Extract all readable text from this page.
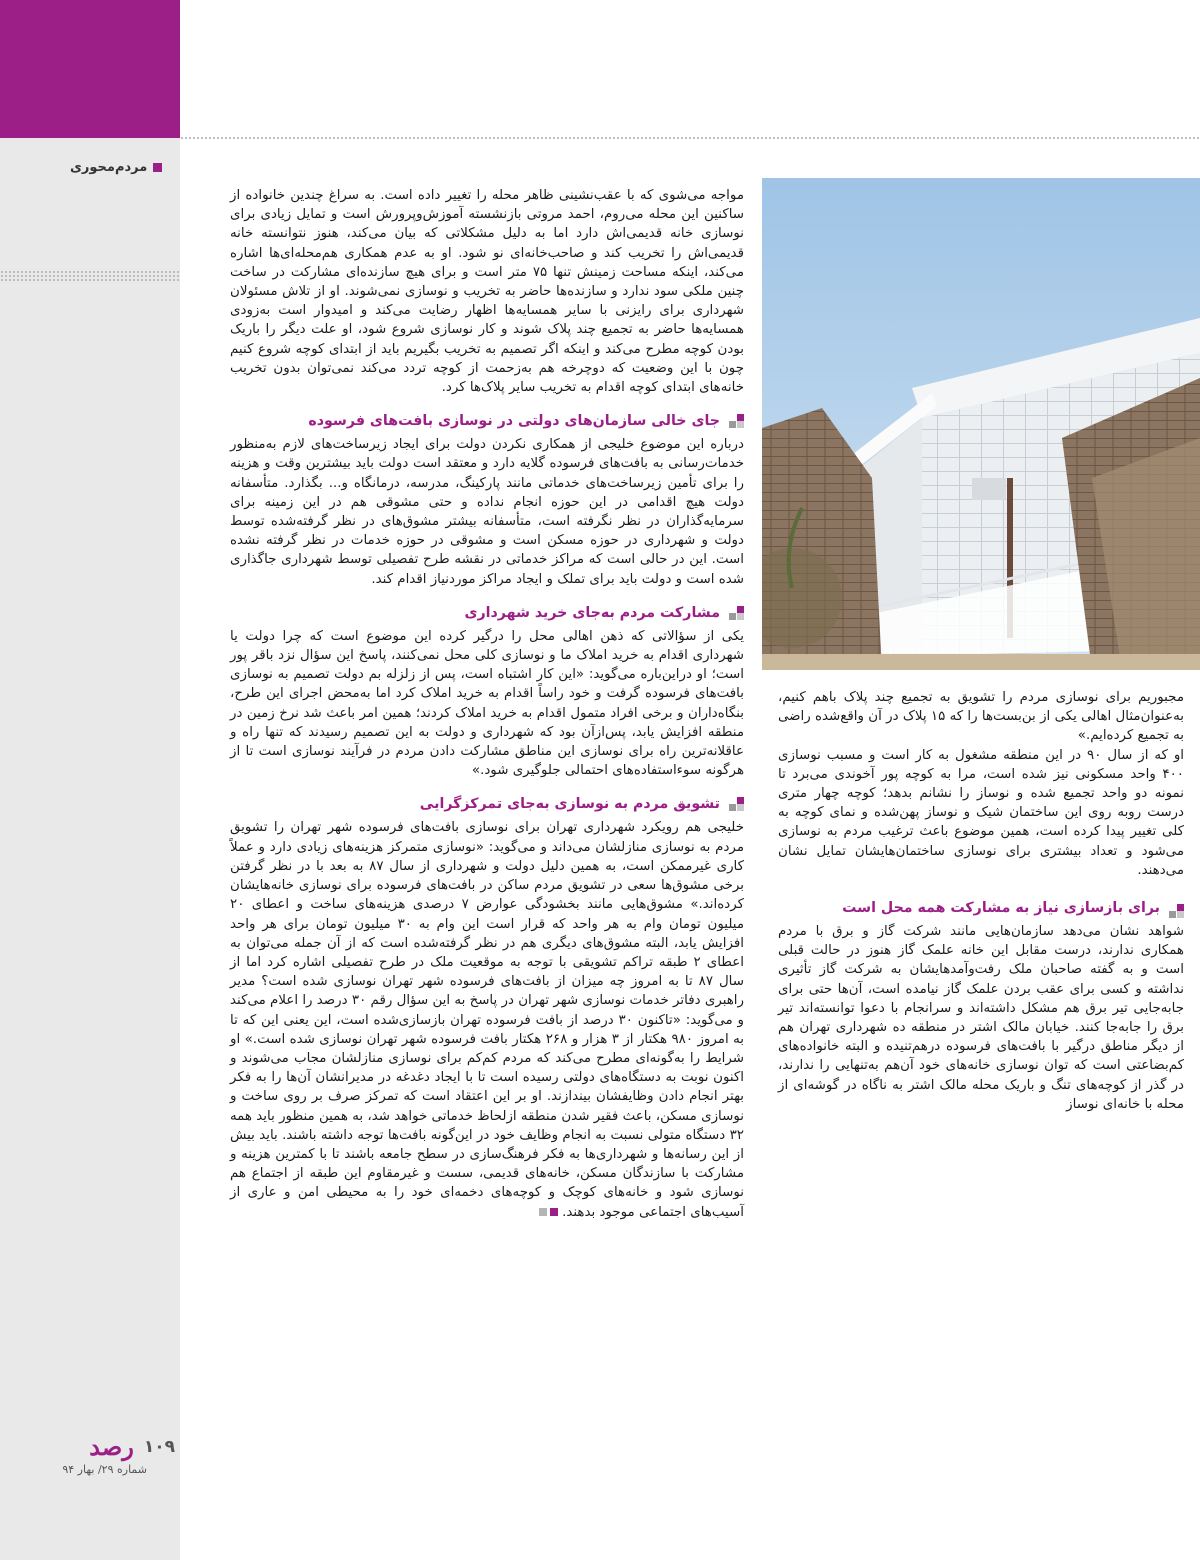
مردم‌محوری

مواجه می‌شوی که با عقب‌نشینی ظاهر محله را تغییر داده است. به سراغ چندین خانواده از ساکنین این محله می‌روم، احمد مروتی بازنشسته آموزش‌وپرورش است و تمایل زیادی برای نوسازی خانه قدیمی‌اش دارد اما به دلیل مشکلاتی که بیان می‌کند، هنوز نتوانسته خانه قدیمی‌اش را تخریب کند و صاحب‌خانه‌ای نو شود. او به عدم همکاری هم‌محله‌ای‌ها اشاره می‌کند، اینکه مساحت زمینش تنها ۷۵ متر است و برای هیچ سازنده‌ای مشارکت در ساخت چنین ملکی سود ندارد و سازنده‌ها حاضر به تخریب و نوسازی نمی‌شوند. او از تلاش مسئولان شهرداری برای رایزنی با سایر همسایه‌ها اظهار رضایت می‌کند و امیدوار است به‌زودی همسایه‌ها حاضر به تجمیع چند پلاک شوند و کار نوسازی شروع شود، او علت دیگر را باریک بودن کوچه مطرح می‌کند و اینکه اگر تصمیم به تخریب بگیریم باید از ابتدای کوچه شروع کنیم چون با این وضعیت که دوچرخه هم به‌زحمت از کوچه تردد می‌کند نمی‌توان بدون تخریب خانه‌های ابتدای کوچه اقدام به تخریب سایر پلاک‌ها کرد.

جای خالی سازمان‌های دولتی در نوسازی بافت‌های فرسوده

درباره این موضوع خلیجی از همکاری نکردن دولت برای ایجاد زیرساخت‌های لازم به‌منظور خدمات‌رسانی به بافت‌های فرسوده گلایه دارد و معتقد است دولت باید بیشترین وقت و هزینه را برای تأمین زیرساخت‌های خدماتی مانند پارکینگ، مدرسه، درمانگاه و... بگذارد. متأسفانه دولت هیچ اقدامی در این حوزه انجام نداده و حتی مشوقی هم در این زمینه برای سرمایه‌گذاران در نظر نگرفته است، متأسفانه بیشتر مشوق‌های در نظر گرفته‌شده توسط دولت و شهرداری در حوزه مسکن است و مشوقی در حوزه خدمات در نظر گرفته نشده است. این در حالی است که مراکز خدماتی در نقشه طرح تفصیلی توسط شهرداری جاگذاری شده است و دولت باید برای تملک و ایجاد مراکز موردنیاز اقدام کند.

مشارکت مردم به‌جای خرید شهرداری

یکی از سؤالاتی که ذهن اهالی محل را درگیر کرده این موضوع است که چرا دولت یا شهرداری اقدام به خرید املاک ما و نوسازی کلی محل نمی‌کنند، پاسخ این سؤال نزد باقر پور است؛ او دراین‌باره می‌گوید: «این کار اشتباه است، پس از زلزله بم دولت تصمیم به نوسازی بافت‌های فرسوده گرفت و خود راساً اقدام به خرید املاک کرد اما به‌محض اجرای این طرح، بنگاه‌داران و برخی افراد متمول اقدام به خرید املاک کردند؛ همین امر باعث شد نرخ زمین در منطقه افزایش یابد، پس‌ازآن بود که شهرداری و دولت به این تصمیم رسیدند که تنها راه و عاقلانه‌ترین راه برای نوسازی این مناطق مشارکت دادن مردم در فرآیند نوسازی است تا از هرگونه سوءاستفاده‌های احتمالی جلوگیری شود.»

تشویق مردم به نوسازی به‌جای تمرکزگرایی

خلیجی هم رویکرد شهرداری تهران برای نوسازی بافت‌های فرسوده شهر تهران را تشویق مردم به نوسازی منازلشان می‌داند و می‌گوید: «نوسازی متمرکز هزینه‌های زیادی دارد و عملاً کاری غیرممکن است، به همین دلیل دولت و شهرداری از سال ۸۷ به بعد با در نظر گرفتن برخی مشوق‌ها سعی در تشویق مردم ساکن در بافت‌های فرسوده برای نوسازی خانه‌هایشان کرده‌اند.» مشوق‌هایی مانند بخشودگی عوارض ۷ درصدی هزینه‌های ساخت و اعطای ۲۰ میلیون تومان وام به هر واحد که قرار است این وام به ۳۰ میلیون تومان برای هر واحد افزایش یابد، البته مشوق‌های دیگری هم در نظر گرفته‌شده است که از آن جمله می‌توان به اعطای ۲ طبقه تراکم تشویقی با توجه به موقعیت ملک در طرح تفصیلی اشاره کرد اما از سال ۸۷ تا به امروز چه میزان از بافت‌های فرسوده شهر تهران نوسازی شده است؟ مدیر راهبری دفاتر خدمات نوسازی شهر تهران در پاسخ به این سؤال رقم ۳۰ درصد را اعلام می‌کند و می‌گوید: «تاکنون ۳۰ درصد از بافت فرسوده تهران بازسازی‌شده است، این یعنی این که تا به امروز ۹۸۰ هکتار از ۳ هزار و ۲۶۸ هکتار بافت فرسوده شهر تهران نوسازی شده است.» او شرایط را به‌گونه‌ای مطرح می‌کند که مردم کم‌کم برای نوسازی منازلشان مجاب می‌شوند و اکنون نوبت به دستگاه‌های دولتی رسیده است تا با ایجاد دغدغه در مدیرانشان آن‌ها را به فکر بهتر انجام دادن وظایفشان بیندازند. او بر این اعتقاد است که تمرکز صرف بر روی ساخت و نوسازی مسکن، باعث فقیر شدن منطقه ازلحاظ خدماتی خواهد شد، به همین منظور باید همه ۳۲ دستگاه متولی نسبت به انجام وظایف خود در این‌گونه بافت‌ها توجه داشته باشند. باید بیش از این رسانه‌ها و شهرداری‌ها به فکر فرهنگ‌سازی در سطح جامعه باشند تا با کمترین هزینه و مشارکت با سازندگان مسکن، خانه‌های قدیمی، سست و غیرمقاوم این طبقه از اجتماع هم نوسازی شود و خانه‌های کوچک و کوچه‌های دخمه‌ای خود را به محیطی امن و عاری از آسیب‌های اجتماعی موجود بدهند.

مجبوریم برای نوسازی مردم را تشویق به تجمیع چند پلاک باهم کنیم، به‌عنوان‌مثال اهالی یکی از بن‌بست‌ها را که ۱۵ پلاک در آن واقع‌شده راضی به تجمیع کرده‌ایم.»

او که از سال ۹۰ در این منطقه مشغول به کار است و مسبب نوسازی ۴۰۰ واحد مسکونی نیز شده است، مرا به کوچه پور آخوندی می‌برد تا نمونه دو واحد تجمیع شده و نوساز را نشانم بدهد؛ کوچه چهار متری درست روبه روی این ساختمان شیک و نوساز پهن‌شده و نمای کوچه به کلی تغییر پیدا کرده است، همین موضوع باعث ترغیب مردم به نوسازی می‌شود و تعداد بیشتری برای نوسازی ساختمان‌هایشان تمایل نشان می‌دهند.

برای بازسازی نیاز به مشارکت همه محل است

شواهد نشان می‌دهد سازمان‌هایی مانند شرکت گاز و برق با مردم همکاری ندارند، درست مقابل این خانه علمک گاز هنوز در حالت قبلی است و به گفته صاحبان ملک رفت‌وآمدهایشان به شرکت گاز تأثیری نداشته و کسی برای عقب بردن علمک گاز نیامده است، آن‌ها حتی برای جابه‌جایی تیر برق هم مشکل داشته‌اند و سرانجام با دعوا توانسته‌اند تیر برق را جابه‌جا کنند. خیابان مالک اشتر در منطقه ده شهرداری تهران هم از دیگر مناطق درگیر با بافت‌های فرسوده درهم‌تنیده و البته خانواده‌های کم‌بضاعتی است که توان نوسازی خانه‌های خود آن‌هم به‌تنهایی را ندارند، در گذر از کوچه‌های تنگ و باریک محله مالک اشتر به ناگاه در گوشه‌ای از محله با خانه‌ای نوساز

۱۰۹
رصد
شماره ۲۹/ بهار ۹۴
